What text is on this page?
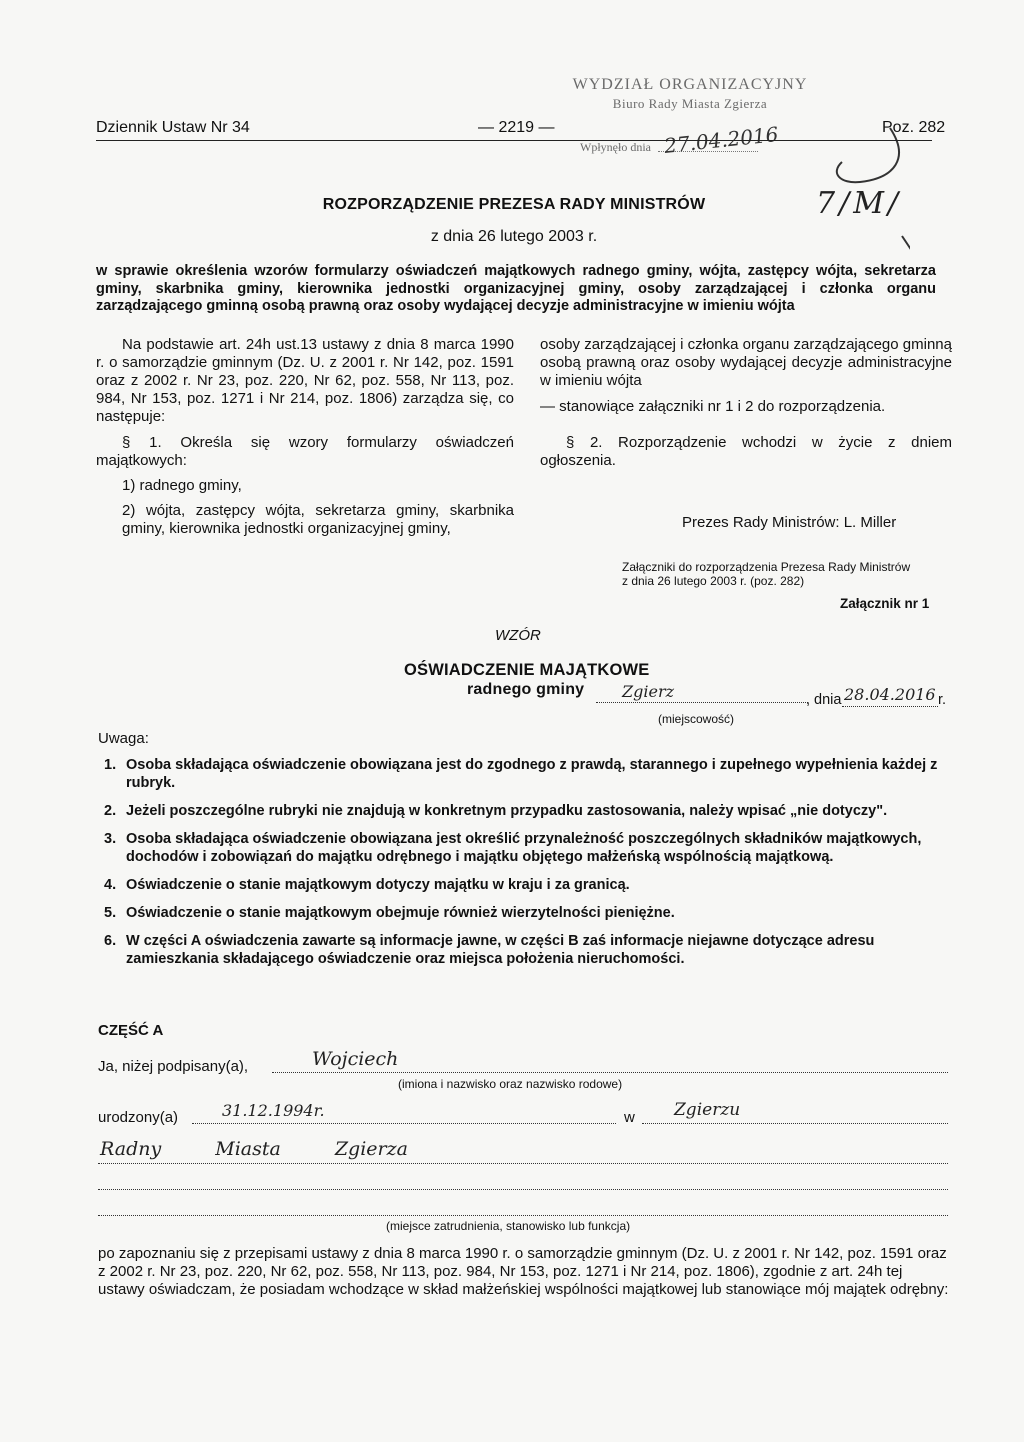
WYDZIAŁ ORGANIZACYJNY
Biuro Rady Miasta Zgierza
Wpłynęło dnia 27.04.2016
7/M/
Dziennik Ustaw Nr 34	— 2219 —	Poz. 282
ROZPORZĄDZENIE PREZESA RADY MINISTRÓW
z dnia 26 lutego 2003 r.
w sprawie określenia wzorów formularzy oświadczeń majątkowych radnego gminy, wójta, zastępcy wójta, sekretarza gminy, skarbnika gminy, kierownika jednostki organizacyjnej gminy, osoby zarządzającej i członka organu zarządzającego gminną osobą prawną oraz osoby wydającej decyzje administracyjne w imieniu wójta
Na podstawie art. 24h ust.13 ustawy z dnia 8 marca 1990 r. o samorządzie gminnym (Dz. U. z 2001 r. Nr 142, poz. 1591 oraz z 2002 r. Nr 23, poz. 220, Nr 62, poz. 558, Nr 113, poz. 984, Nr 153, poz. 1271 i Nr 214, poz. 1806) zarządza się, co następuje:
§ 1. Określa się wzory formularzy oświadczeń majątkowych:
1) radnego gminy,
2) wójta, zastępcy wójta, sekretarza gminy, skarbnika gminy, kierownika jednostki organizacyjnej gminy,
osoby zarządzającej i członka organu zarządzającego gminną osobą prawną oraz osoby wydającej decyzje administracyjne w imieniu wójta
— stanowiące załączniki nr 1 i 2 do rozporządzenia.
§ 2. Rozporządzenie wchodzi w życie z dniem ogłoszenia.
Prezes Rady Ministrów: L. Miller
Załączniki do rozporządzenia Prezesa Rady Ministrów
z dnia 26 lutego 2003 r. (poz. 282)
Załącznik nr 1
WZÓR
OŚWIADCZENIE MAJĄTKOWE
radnego gminy Zgierz	, dnia 28.04.2016 r.
(miejscowość)
Uwaga:
1. Osoba składająca oświadczenie obowiązana jest do zgodnego z prawdą, starannego i zupełnego wypełnienia każdej z rubryk.
2. Jeżeli poszczególne rubryki nie znajdują w konkretnym przypadku zastosowania, należy wpisać „nie dotyczy".
3. Osoba składająca oświadczenie obowiązana jest określić przynależność poszczególnych składników majątkowych, dochodów i zobowiązań do majątku odrębnego i majątku objętego małżeńską wspólnością majątkową.
4. Oświadczenie o stanie majątkowym dotyczy majątku w kraju i za granicą.
5. Oświadczenie o stanie majątkowym obejmuje również wierzytelności pieniężne.
6. W części A oświadczenia zawarte są informacje jawne, w części B zaś informacje niejawne dotyczące adresu zamieszkania składającego oświadczenie oraz miejsca położenia nieruchomości.
CZĘŚĆ A
Ja, niżej podpisany(a),	Wojciech
(imiona i nazwisko oraz nazwisko rodowe)
urodzony(a)	31.12.1994r.	w Zgierzu
Radny Miasta Zgierza
(miejsce zatrudnienia, stanowisko lub funkcja)
po zapoznaniu się z przepisami ustawy z dnia 8 marca 1990 r. o samorządzie gminnym (Dz. U. z 2001 r. Nr 142, poz. 1591 oraz z 2002 r. Nr 23, poz. 220, Nr 62, poz. 558, Nr 113, poz. 984, Nr 153, poz. 1271 i Nr 214, poz. 1806), zgodnie z art. 24h tej ustawy oświadczam, że posiadam wchodzące w skład małżeńskiej wspólności majątkowej lub stanowiące mój majątek odrębny:
